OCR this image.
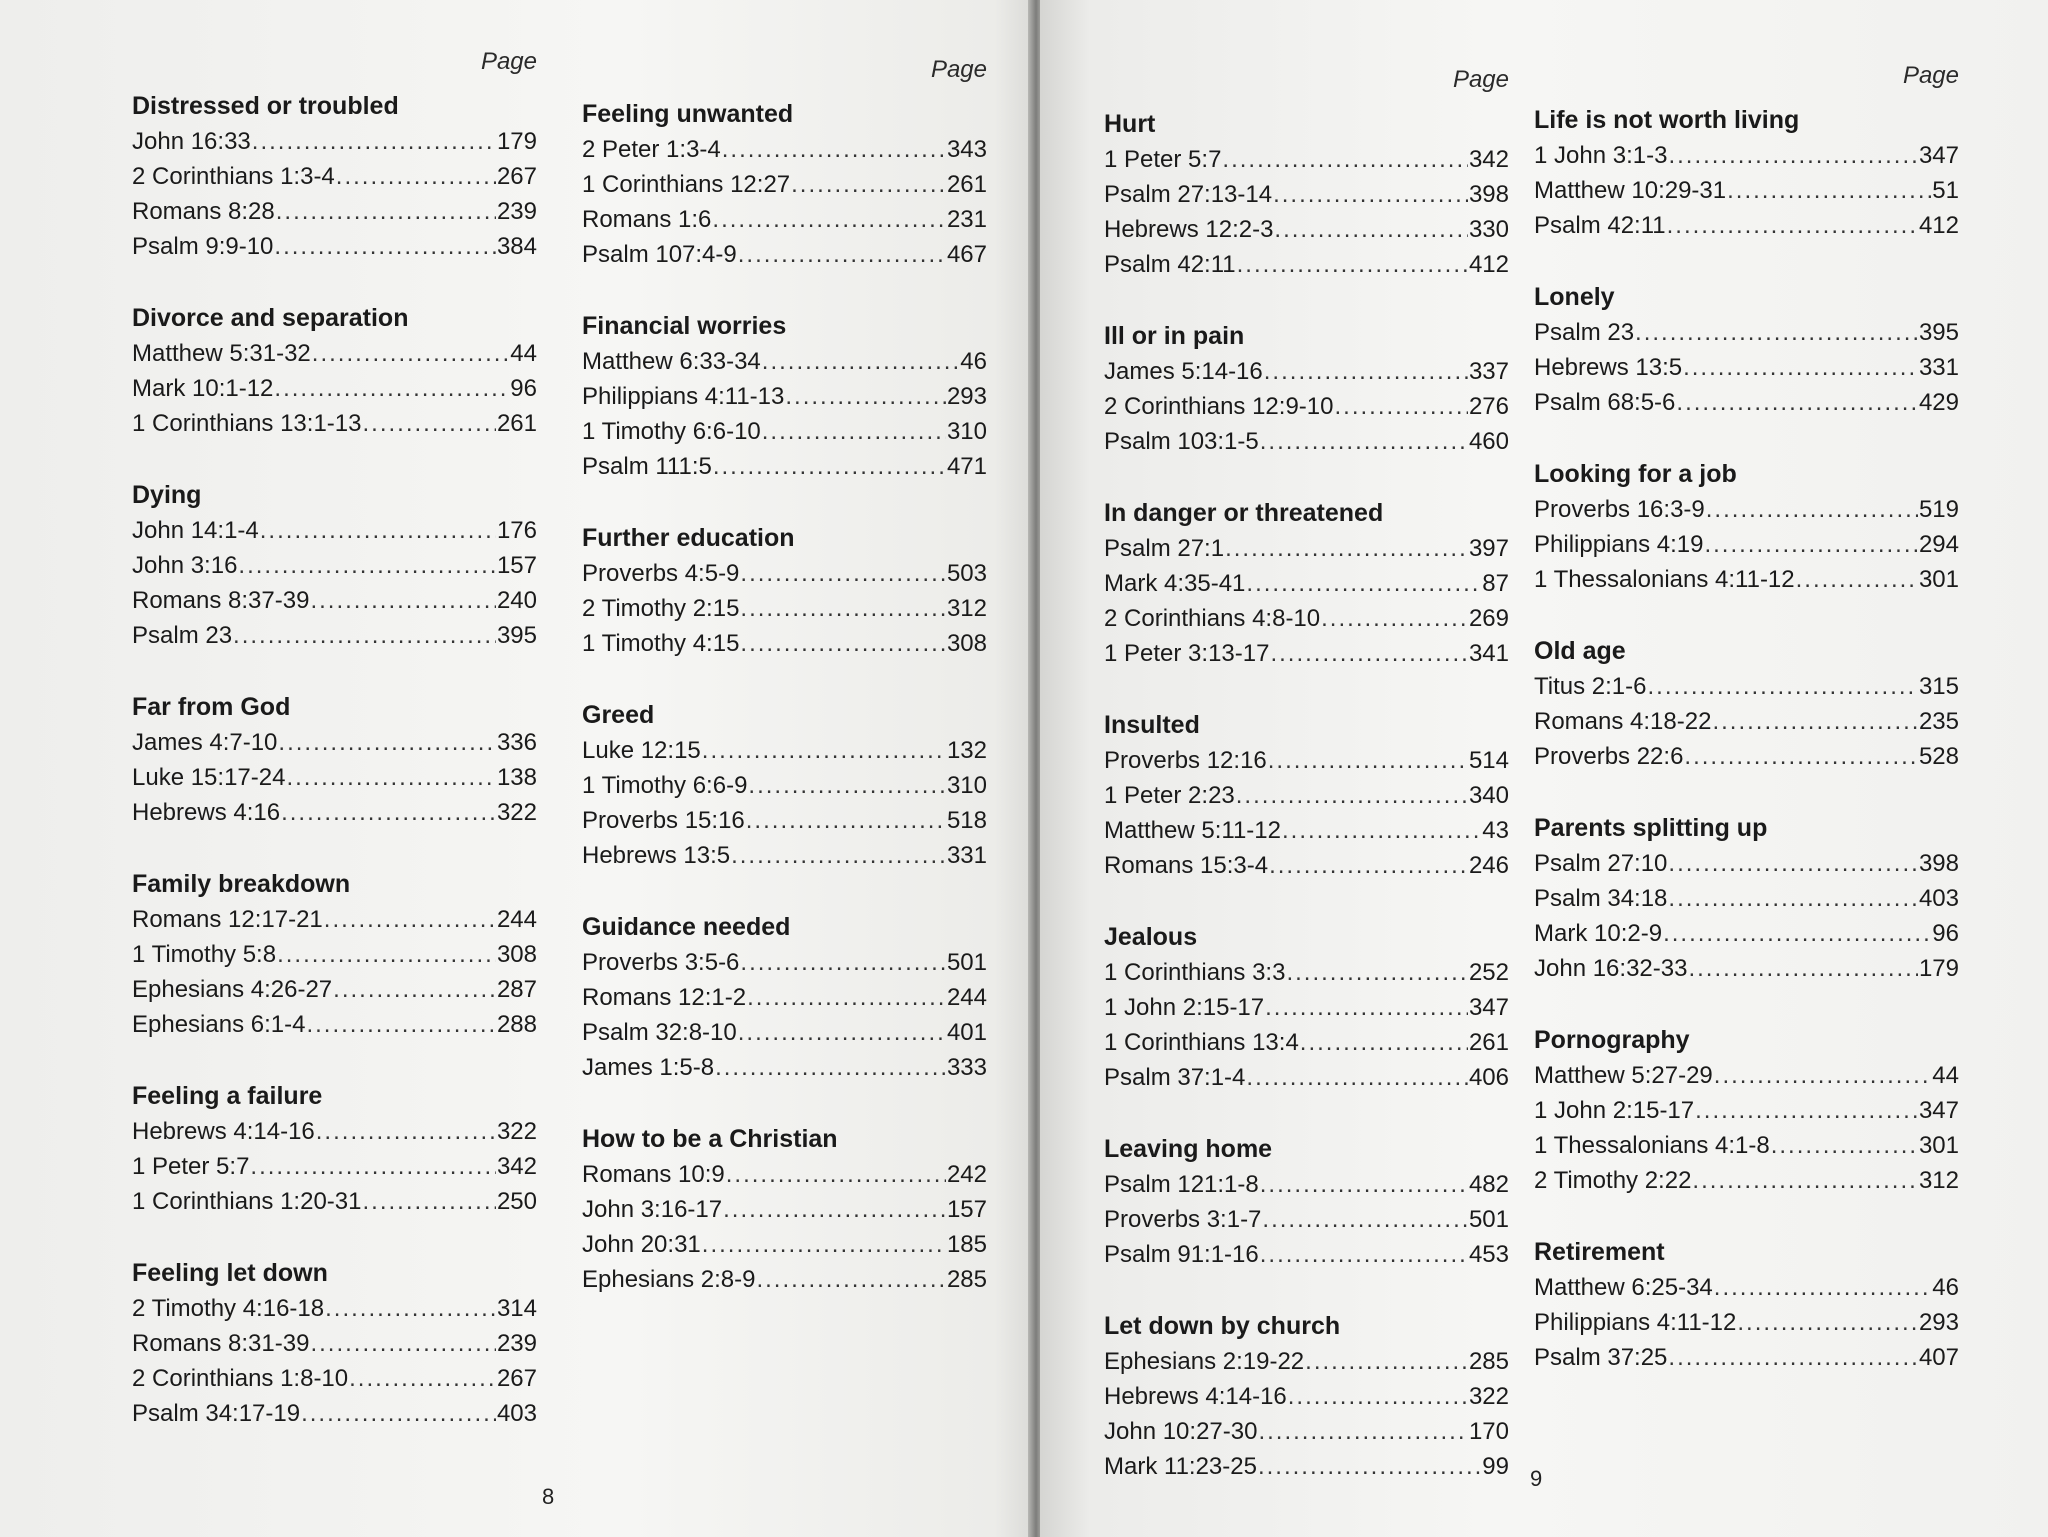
Page
Distressed or troubled
John 16:33 .....	179
2 Corinthians 1:3-4 .....	267
Romans 8:28 .....	239
Psalm 9:9-10 .....	384
Divorce and separation
Matthew 5:31-32 .....	44
Mark 10:1-12 .....	96
1 Corinthians 13:1-13 .....	261
Dying
John 14:1-4 .....	176
John 3:16 .....	157
Romans 8:37-39 .....	240
Psalm 23 .....	395
Far from God
James 4:7-10 .....	336
Luke 15:17-24 .....	138
Hebrews 4:16 .....	322
Family breakdown
Romans 12:17-21 .....	244
1 Timothy 5:8 .....	308
Ephesians 4:26-27 .....	287
Ephesians 6:1-4 .....	288
Feeling a failure
Hebrews 4:14-16 .....	322
1 Peter 5:7 .....	342
1 Corinthians 1:20-31 .....	250
Feeling let down
2 Timothy 4:16-18 .....	314
Romans 8:31-39 .....	239
2 Corinthians 1:8-10 .....	267
Psalm 34:17-19 .....	403
Page
Feeling unwanted
2 Peter 1:3-4 .....	343
1 Corinthians 12:27 .....	261
Romans 1:6 .....	231
Psalm 107:4-9 .....	467
Financial worries
Matthew 6:33-34 .....	46
Philippians 4:11-13 .....	293
1 Timothy 6:6-10 .....	310
Psalm 111:5 .....	471
Further education
Proverbs 4:5-9 .....	503
2 Timothy 2:15 .....	312
1 Timothy 4:15 .....	308
Greed
Luke 12:15 .....	132
1 Timothy 6:6-9 .....	310
Proverbs 15:16 .....	518
Hebrews 13:5 .....	331
Guidance needed
Proverbs 3:5-6 .....	501
Romans 12:1-2 .....	244
Psalm 32:8-10 .....	401
James 1:5-8 .....	333
How to be a Christian
Romans 10:9 .....	242
John 3:16-17 .....	157
John 20:31 .....	185
Ephesians 2:8-9 .....	285
8
Page
Hurt
1 Peter 5:7 .....	342
Psalm 27:13-14 .....	398
Hebrews 12:2-3 .....	330
Psalm 42:11 .....	412
Ill or in pain
James 5:14-16 .....	337
2 Corinthians 12:9-10 .....	276
Psalm 103:1-5 .....	460
In danger or threatened
Psalm 27:1 .....	397
Mark 4:35-41 .....	87
2 Corinthians 4:8-10 .....	269
1 Peter 3:13-17 .....	341
Insulted
Proverbs 12:16 .....	514
1 Peter 2:23 .....	340
Matthew 5:11-12 .....	43
Romans 15:3-4 .....	246
Jealous
1 Corinthians 3:3 .....	252
1 John 2:15-17 .....	347
1 Corinthians 13:4 .....	261
Psalm 37:1-4 .....	406
Leaving home
Psalm 121:1-8 .....	482
Proverbs 3:1-7 .....	501
Psalm 91:1-16 .....	453
Let down by church
Ephesians 2:19-22 .....	285
Hebrews 4:14-16 .....	322
John 10:27-30 .....	170
Mark 11:23-25 .....	99
Page
Life is not worth living
1 John 3:1-3 .....	347
Matthew 10:29-31 .....	51
Psalm 42:11 .....	412
Lonely
Psalm 23 .....	395
Hebrews 13:5 .....	331
Psalm 68:5-6 .....	429
Looking for a job
Proverbs 16:3-9 .....	519
Philippians 4:19 .....	294
1 Thessalonians 4:11-12 .....	301
Old age
Titus 2:1-6 .....	315
Romans 4:18-22 .....	235
Proverbs 22:6 .....	528
Parents splitting up
Psalm 27:10 .....	398
Psalm 34:18 .....	403
Mark 10:2-9 .....	96
John 16:32-33 .....	179
Pornography
Matthew 5:27-29 .....	44
1 John 2:15-17 .....	347
1 Thessalonians 4:1-8 .....	301
2 Timothy 2:22 .....	312
Retirement
Matthew 6:25-34 .....	46
Philippians 4:11-12 .....	293
Psalm 37:25 .....	407
9
